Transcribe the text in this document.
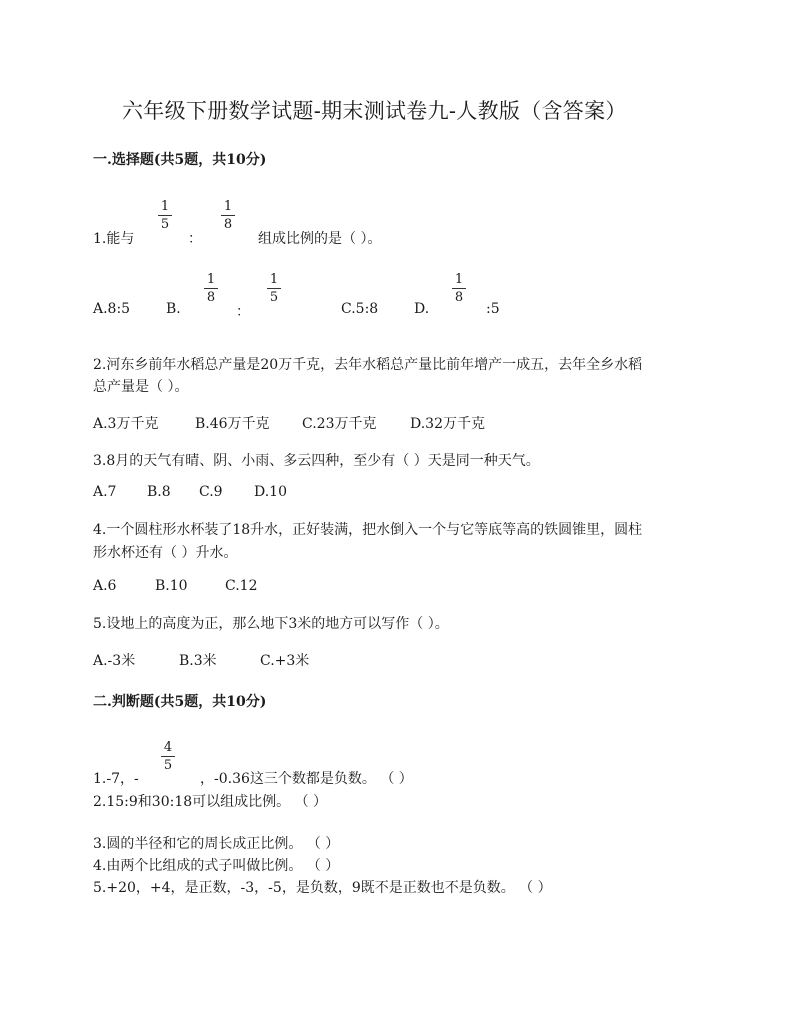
六年级下册数学试题-期末测试卷九-人教版（含答案）
一.选择题(共5题，共10分)
1.能与
1
5
：
1
8
组成比例的是（ ）。
A.8:5	B.
1
8
：
1
5
C.5:8	D.
1
8
:5
2.河东乡前年水稻总产量是20万千克，去年水稻总产量比前年增产一成五，去年全乡水稻
总产量是（ ）。
A.3万千克	B.46万千克 C.23万千克 D.32万千克
3.8月的天气有晴、阴、小雨、多云四种，至少有（ ）天是同一种天气。
A.7 B.8 C.9 D.10
4.一个圆柱形水杯装了18升水，正好装满，把水倒入一个与它等底等高的铁圆锥里，圆柱
形水杯还有（ ）升水。
A.6	B.10	C.12
5.设地上的高度为正，那么地下3米的地方可以写作（ ）。
A.-3米	B.3米	C.+3米
二.判断题(共5题，共10分)
1.-7，-
4
5
，-0.36这三个数都是负数。 （ ）
2.15:9和30:18可以组成比例。 （ ）
3.圆的半径和它的周长成正比例。 （ ）
4.由两个比组成的式子叫做比例。 （ ）
5.+20，+4，是正数，-3，-5，是负数，9既不是正数也不是负数。 （ ）
